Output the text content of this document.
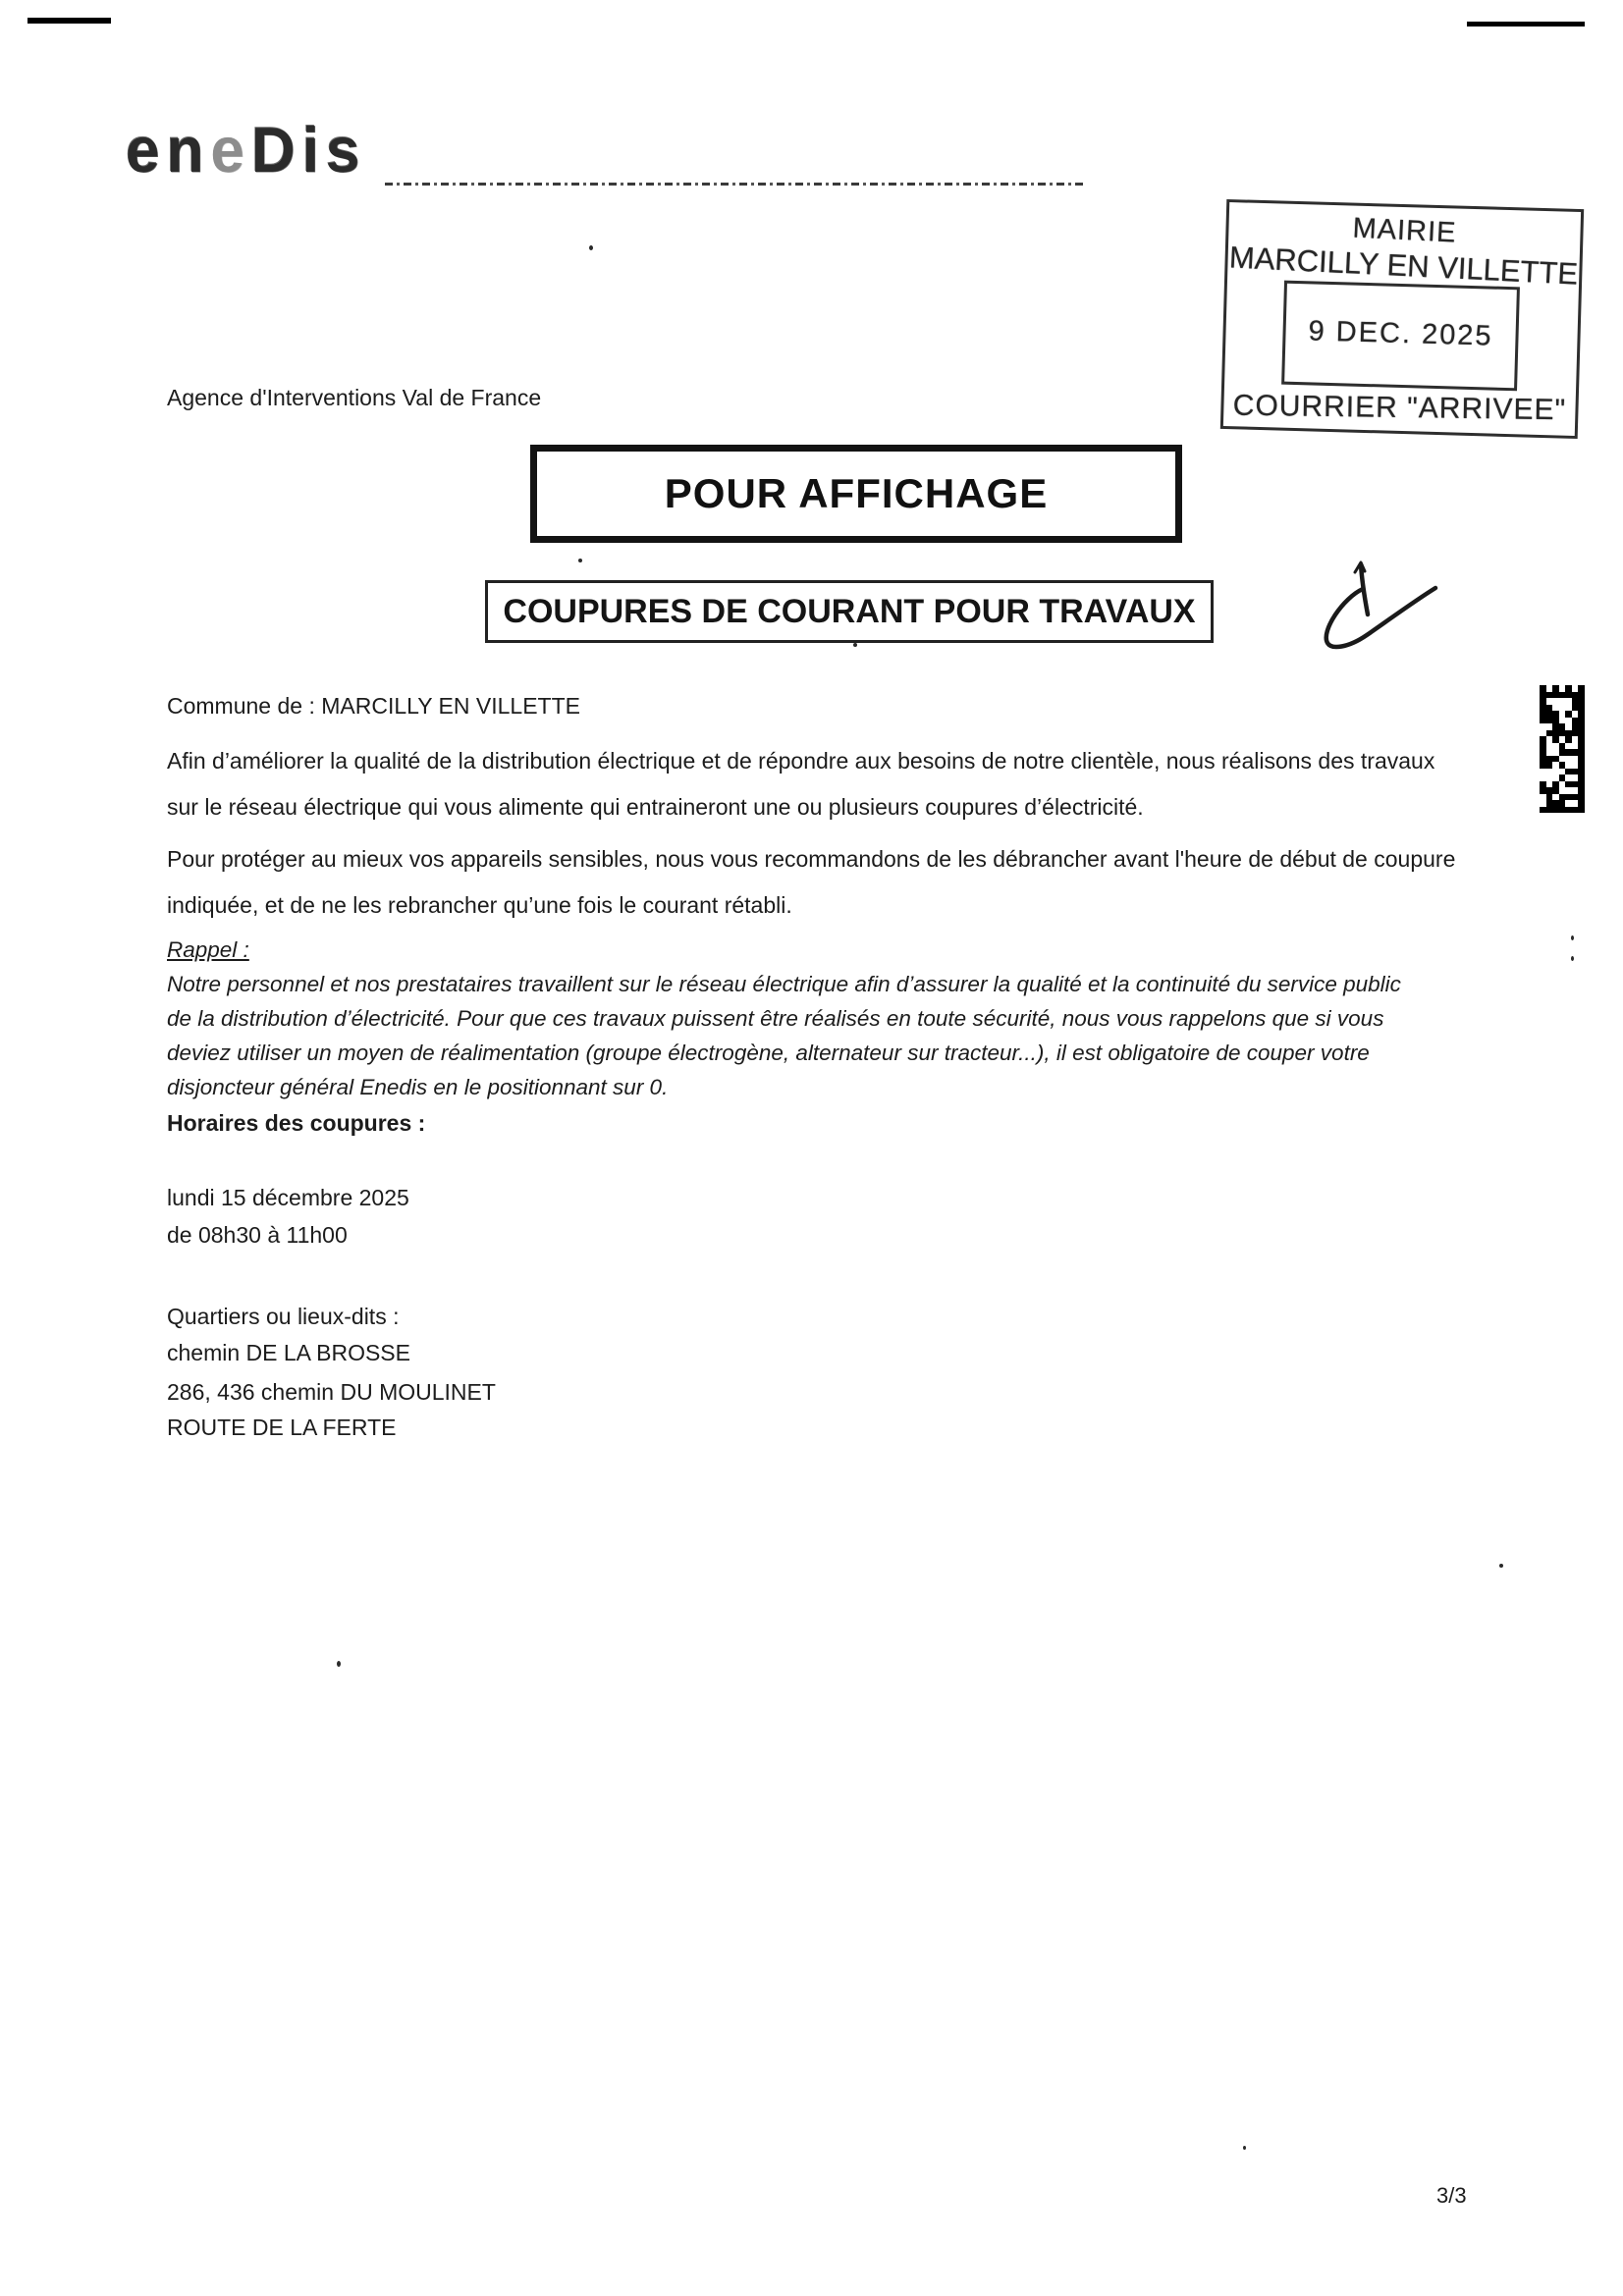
eneDis
MAIRIE
MARCILLY EN VILLETTE
9 DEC. 2025
COURRIER "ARRIVEE"
Agence d'Interventions Val de France
POUR AFFICHAGE
COUPURES DE COURANT POUR TRAVAUX
Commune de : MARCILLY EN VILLETTE
Afin d’améliorer la qualité de la distribution électrique et de répondre aux besoins de notre clientèle, nous réalisons des travaux
sur le réseau électrique qui vous alimente qui entraineront une ou plusieurs coupures d’électricité.
Pour protéger au mieux vos appareils sensibles, nous vous recommandons de les débrancher avant l'heure de début de coupure
indiquée, et de ne les rebrancher qu’une fois le courant rétabli.
Rappel :
Notre personnel et nos prestataires travaillent sur le réseau électrique afin d’assurer la qualité et la continuité du service public
de la distribution d’électricité. Pour que ces travaux puissent être réalisés en toute sécurité, nous vous rappelons que si vous
deviez utiliser un moyen de réalimentation (groupe électrogène, alternateur sur tracteur...), il est obligatoire de couper votre
disjoncteur général Enedis en le positionnant sur 0.
Horaires des coupures :
lundi 15 décembre 2025
de 08h30 à 11h00
Quartiers ou lieux-dits :
chemin DE LA BROSSE
286, 436 chemin DU MOULINET
ROUTE DE LA FERTE
3/3
